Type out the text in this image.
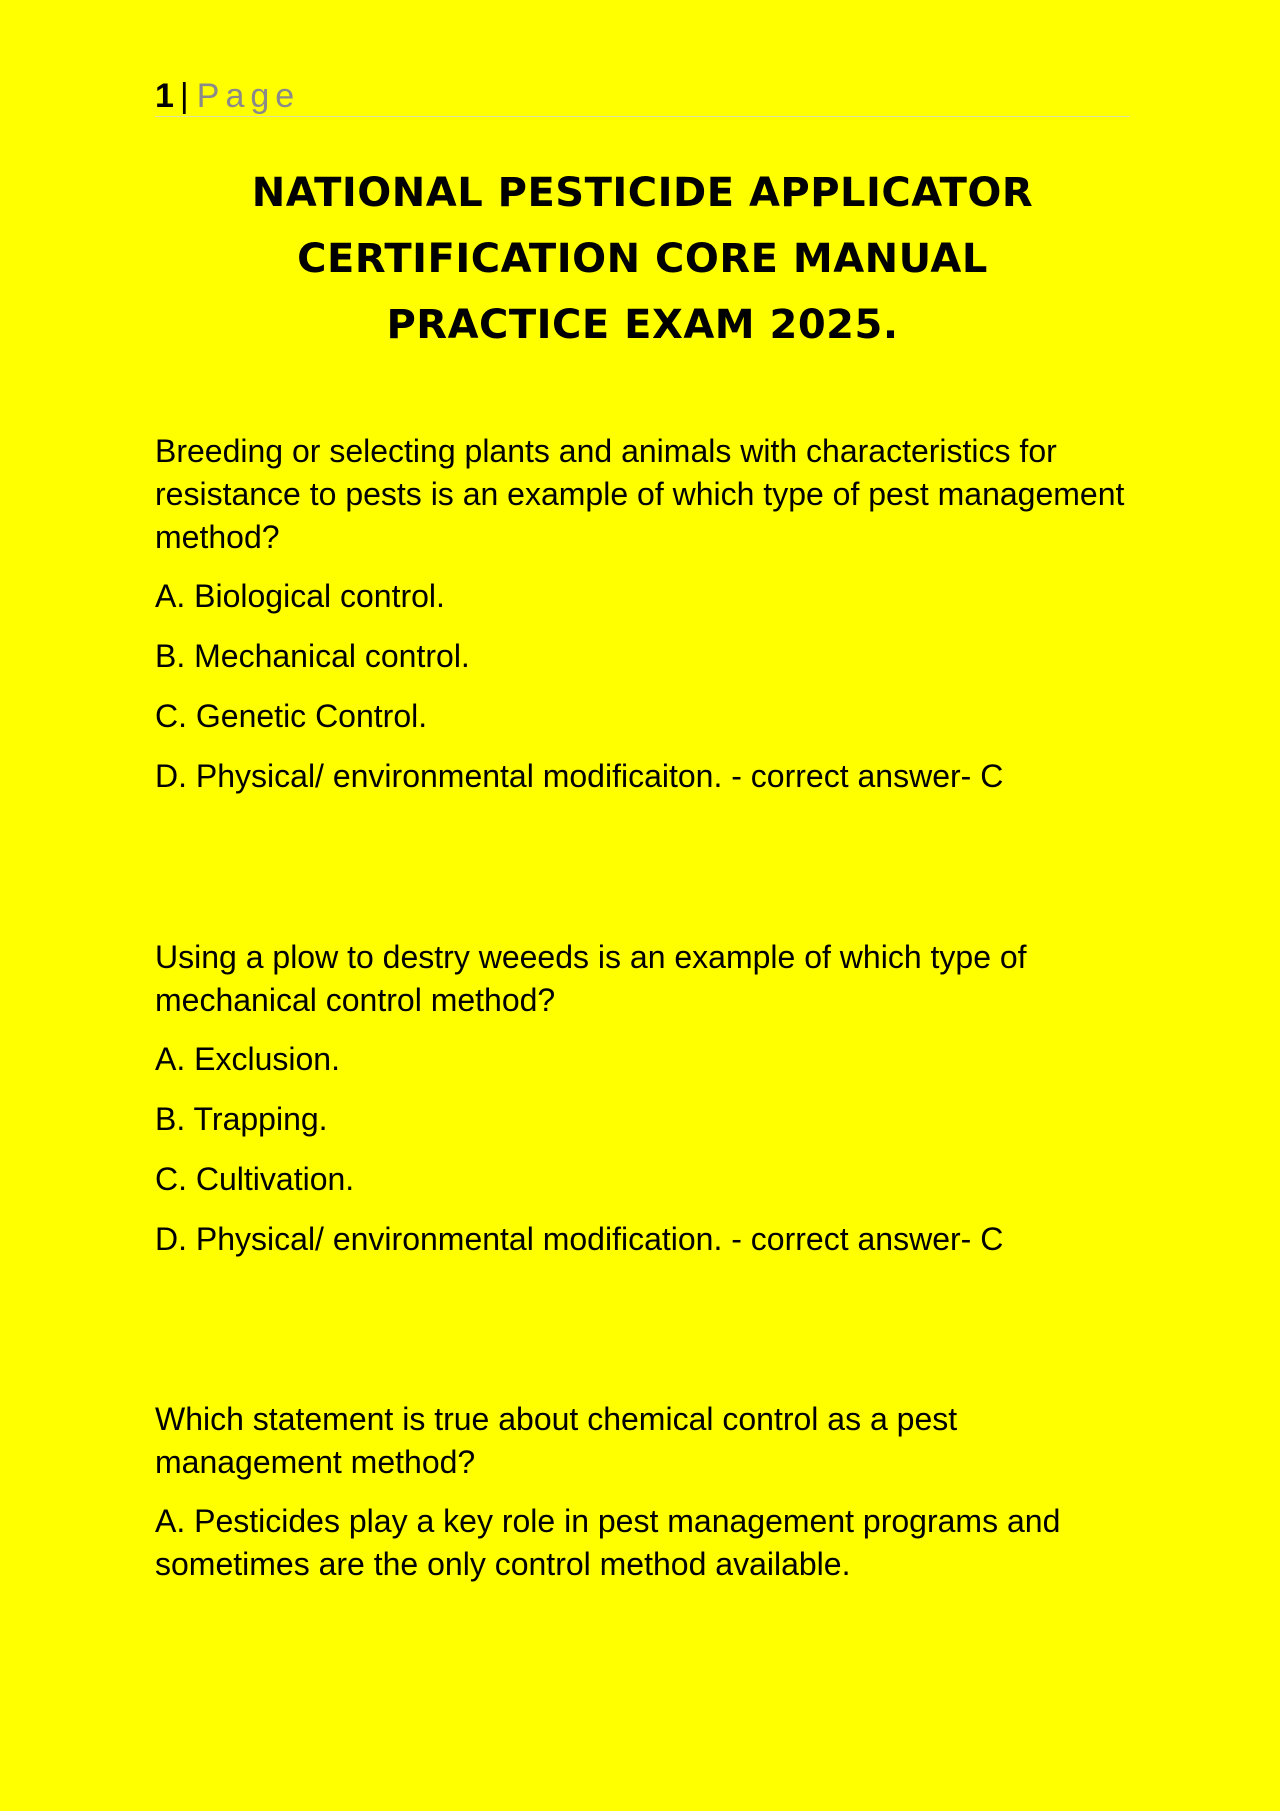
1 | Page
NATIONAL PESTICIDE APPLICATOR
CERTIFICATION CORE MANUAL
PRACTICE EXAM 2025.
Breeding or selecting plants and animals with characteristics for resistance to pests is an example of which type of pest management method?
A. Biological control.
B. Mechanical control.
C. Genetic Control.
D. Physical/ environmental modificaiton. - correct answer- C
Using a plow to destry weeeds is an example of which type of mechanical control method?
A. Exclusion.
B. Trapping.
C. Cultivation.
D. Physical/ environmental modification. - correct answer- C
Which statement is true about chemical control as a pest management method?
A. Pesticides play a key role in pest management programs and sometimes are the only control method available.
